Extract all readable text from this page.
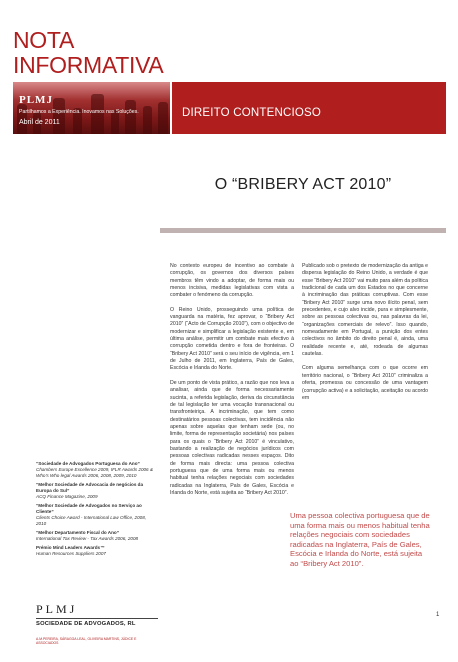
NOTA
INFORMATIVA
PLMJ
Partilhamos a Experiência. Inovamos nas Soluções.
Abril de 2011
DIREITO CONTENCIOSO
O “BRIBERY ACT 2010”

No contexto europeu de incentivo ao combate à corrupção, os governos dos diversos países membros têm vindo a adoptar, de forma mais ou menos incisiva, medidas legislativas com vista a combater o fenómeno da corrupção.

O Reino Unido, prosseguindo uma política de vanguarda na matéria, fez aprovar, o “Bribery Act 2010” (“Acto de Corrupção 2010”), com o objectivo de modernizar e simplificar a legislação existente e, em última análise, permitir um combate mais efectivo à corrupção cometida dentro e fora de fronteiras. O “Bribery Act 2010” será o seu início de vigência, em 1 de Julho de 2011, em Inglaterra, País de Gales, Escócia e Irlanda do Norte.

De um ponto de vista prático, a razão que nos leva a analisar, ainda que de forma necessariamente sucinta, a referida legislação, deriva da circunstância de tal legislação ter uma vocação transnacional ou transfronteiriça. A incriminação, que tem como destinatários pessoas colectivas, tem incidência não apenas sobre aquelas que tenham sede (ou, no limite, forma de representação societária) nos países para os quais o “Bribery Act 2010” é vinculativo, bastando a realização de negócios jurídicos com pessoas colectivas radicadas nesses espaços. Dito de forma mais directa: uma pessoa colectiva portuguesa que de uma forma mais ou menos habitual tenha relações negociais com sociedades radicadas na Inglaterra, País de Gales, Escócia e Irlanda do Norte, está sujeita ao “Bribery Act 2010”.

Publicado sob o pretexto de modernização da antiga e dispersa legislação do Reino Unido, a verdade é que esse “Bribery Act 2010” vai muito para além da política tradicional de cada um dos Estados no que concerne à incriminação das práticas corruptivas. Com esse “Bribery Act 2010” surge uma novo ilícito penal, sem precedentes, e cujo alvo incide, pura e simplesmente, sobre as pessoas colectivas ou, nas palavras da lei, “organizações comerciais de relevo”. Isso quando, nomeadamente em Portugal, a punição dos entes colectivos no âmbito do direito penal é, ainda, uma realidade recente e, até, rodeada de algumas cautelas.

Com alguma semelhança com o que ocorre em território nacional, o “Bribery Act 2010” criminaliza a oferta, promessa ou concessão de uma vantagem (corrupção activa) e a solicitação, aceitação ou acordo em

Uma pessoa colectiva portuguesa que de uma forma mais ou menos habitual tenha relações negociais com sociedades radicadas na Inglaterra, País de Gales, Escócia e Irlanda do Norte, está sujeita ao “Bribery Act 2010”.
1
“Sociedade de Advogados Portuguesa do Ano”
Chambers Europe Excellence 2009, IFLR Awards 2006 & Who's Who legal Awards 2006, 2008, 2009, 2010
“Melhor Sociedade de Advocacia de negócios da Europa do Sul”
ACQ Finance Magazine, 2009
“Melhor Sociedade de Advogados no Serviço ao Cliente”
Clients Choice Award - International Law Office, 2008, 2010
“Melhor Departamento Fiscal do Ano”
International Tax Review - Tax Awards 2006, 2008
Prémio Mind Leaders Awards™
Human Resources Suppliers 2007
PLMJ
SOCIEDADE DE ADVOGADOS, RL
A.M.PEREIRA, SÁRAGGA LEAL, OLIVEIRA MARTINS, JÚDICE E ASSOCIADOS
